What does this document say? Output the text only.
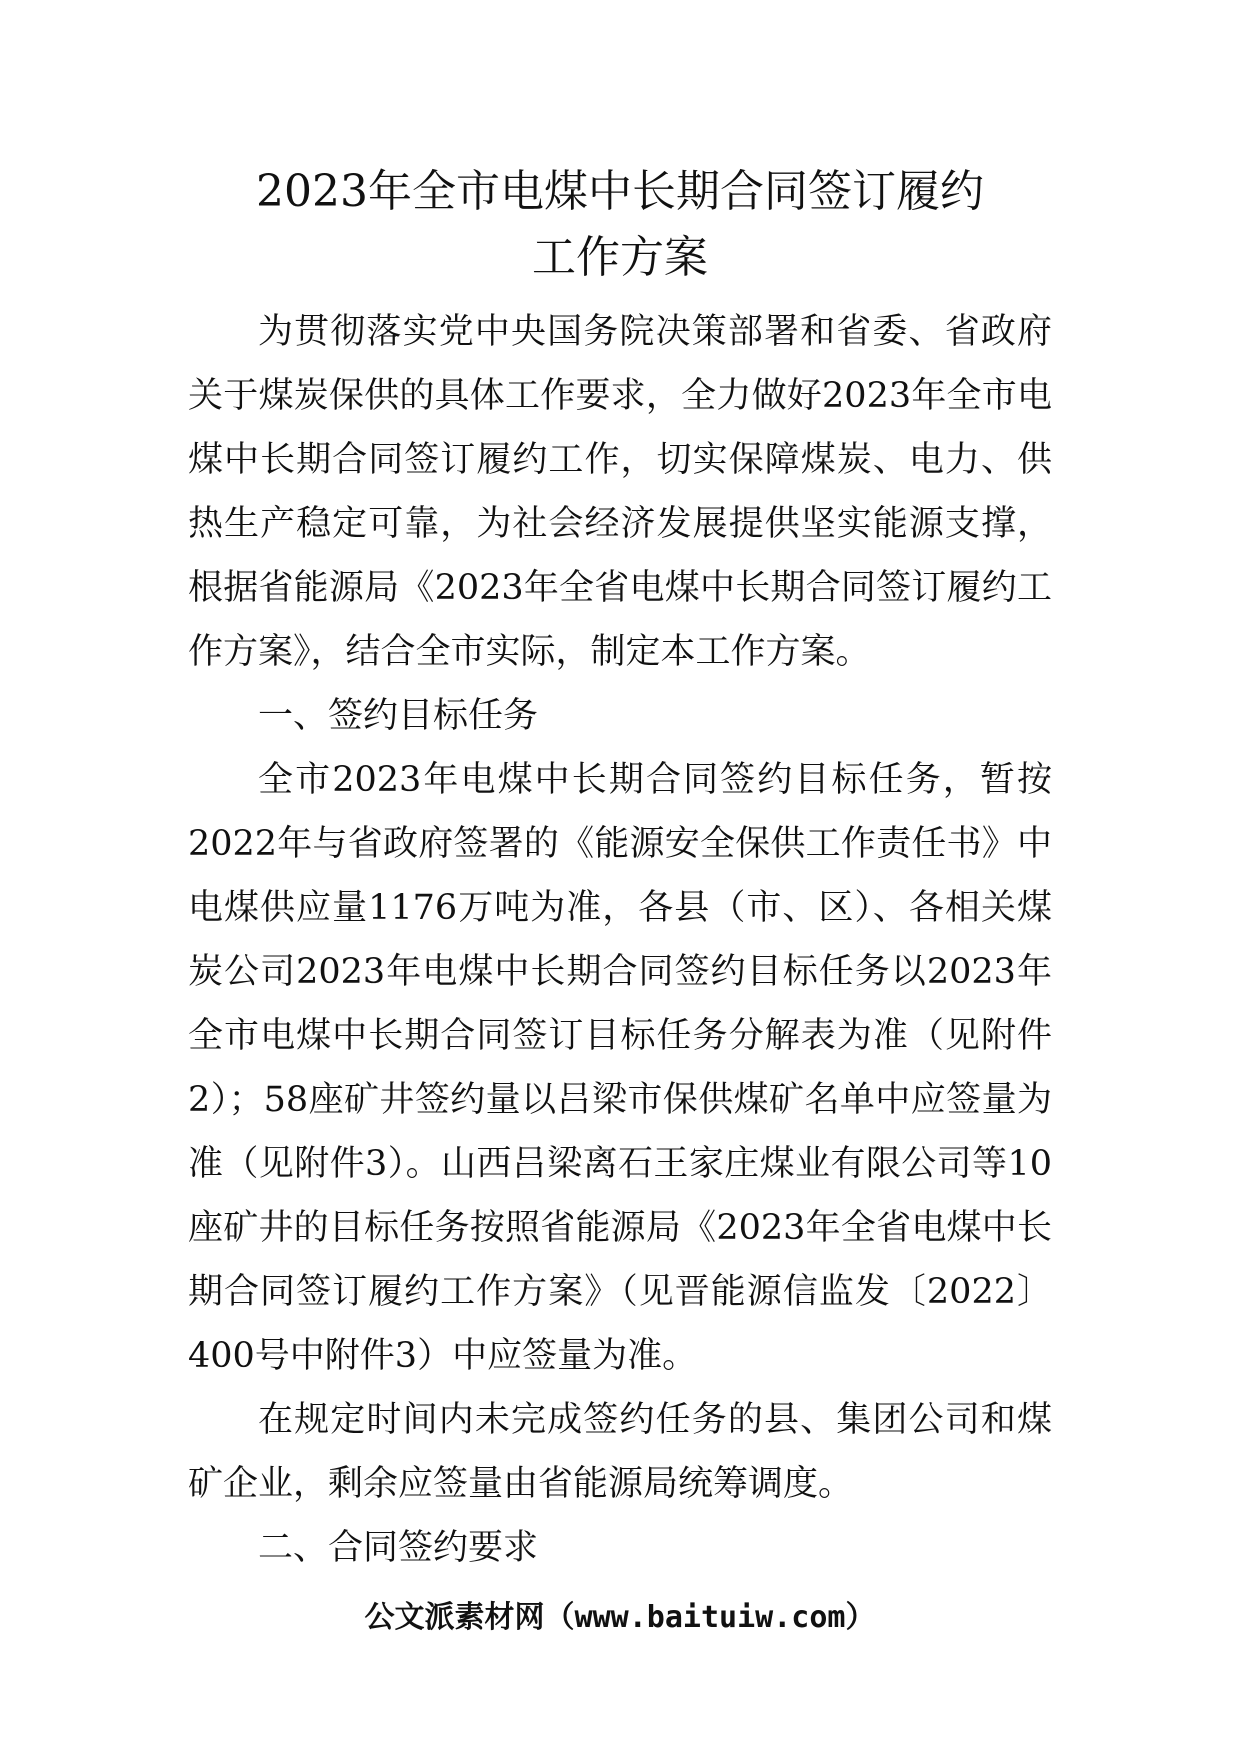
2023年全市电煤中长期合同签订履约
工作方案

为贯彻落实党中央国务院决策部署和省委、省政府关于煤炭保供的具体工作要求，全力做好2023年全市电煤中长期合同签订履约工作，切实保障煤炭、电力、供热生产稳定可靠，为社会经济发展提供坚实能源支撑，根据省能源局《2023年全省电煤中长期合同签订履约工作方案》，结合全市实际，制定本工作方案。

一、签约目标任务

全市2023年电煤中长期合同签约目标任务，暂按2022年与省政府签署的《能源安全保供工作责任书》中电煤供应量1176万吨为准，各县（市、区）、各相关煤炭公司2023年电煤中长期合同签约目标任务以2023年全市电煤中长期合同签订目标任务分解表为准（见附件2）；58座矿井签约量以吕梁市保供煤矿名单中应签量为准（见附件3）。山西吕梁离石王家庄煤业有限公司等10座矿井的目标任务按照省能源局《2023年全省电煤中长期合同签订履约工作方案》（见晋能源信监发〔2022〕400号中附件3）中应签量为准。

在规定时间内未完成签约任务的县、集团公司和煤矿企业，剩余应签量由省能源局统筹调度。

二、合同签约要求

公文派素材网（www.baituiw.com）
